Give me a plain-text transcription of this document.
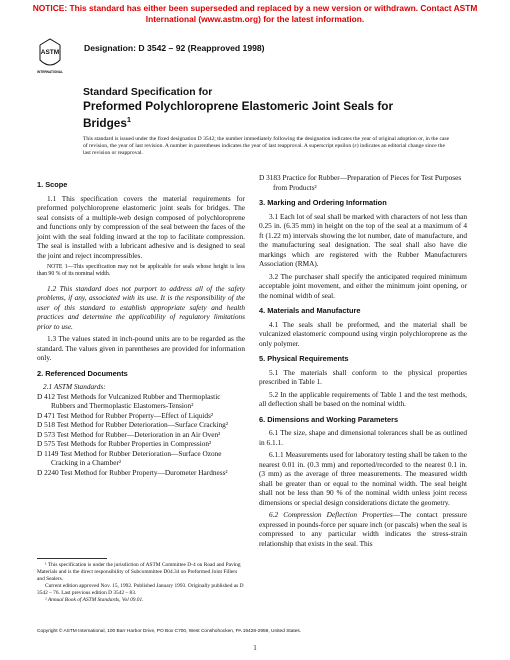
NOTICE: This standard has either been superseded and replaced by a new version or withdrawn. Contact ASTM
International (www.astm.org) for the latest information.
ASTM
INTERNATIONAL
Designation: D 3542 – 92 (Reapproved 1998)
Standard Specification for
Preformed Polychloroprene Elastomeric Joint Seals for
Bridges$^1$
This standard is issued under the fixed designation D 3542; the number immediately following the designation indicates the year of original adoption or, in the case of revision, the year of last revision. A number in parentheses indicates the year of last reapproval. A superscript epsilon (ε) indicates an editorial change since the last revision or reapproval.
1. Scope

1.1 This specification covers the material requirements for preformed polychloroprene elastomeric joint seals for bridges. The seal consists of a multiple-web design composed of polychloroprene and functions only by compression of the seal between the faces of the joint with the seal folding inward at the top to facilitate compression. The seal is installed with a lubricant adhesive and is designed to seal the joint and reject incompressibles.

NOTE 1—This specification may not be applicable for seals whose height is less than 90 % of its nominal width.

1.2 This standard does not purport to address all of the safety problems, if any, associated with its use. It is the responsibility of the user of this standard to establish appropriate safety and health practices and determine the applicability of regulatory limitations prior to use.

1.3 The values stated in inch-pound units are to be regarded as the standard. The values given in parentheses are provided for information only.

2. Referenced Documents

2.1 ASTM Standards:

D 412 Test Methods for Vulcanized Rubber and Thermoplastic Rubbers and Thermoplastic Elastomers-Tension²
D 471 Test Method for Rubber Property—Effect of Liquids²
D 518 Test Method for Rubber Deterioration—Surface Cracking²
D 573 Test Method for Rubber—Deterioration in an Air Oven²
D 575 Test Methods for Rubber Properties in Compression²
D 1149 Test Method for Rubber Deterioration—Surface Ozone Cracking in a Chamber²
D 2240 Test Method for Rubber Property—Durometer Hardness²

¹ This specification is under the jurisdiction of ASTM Committee D-4 on Road and Paving Materials and is the direct responsibility of Subcommittee D04.34 on Preformed Joint Fillers and Sealers.

Current edition approved Nov. 15, 1992. Published January 1993. Originally published as D 3542 – 76. Last previous edition D 3542 – 83.

² Annual Book of ASTM Standards, Vol 09.01.

D 3183 Practice for Rubber—Preparation of Pieces for Test Purposes from Products²
3. Marking and Ordering Information

3.1 Each lot of seal shall be marked with characters of not less than 0.25 in. (6.35 mm) in height on the top of the seal at a maximum of 4 ft (1.22 m) intervals showing the lot number, date of manufacture, and the manufacturing seal designation. The seal shall also have die markings which are registered with the Rubber Manufacturers Association (RMA).

3.2 The purchaser shall specify the anticipated required minimum acceptable joint movement, and either the minimum joint opening, or the nominal width of seal.

4. Materials and Manufacture

4.1 The seals shall be preformed, and the material shall be vulcanized elastomeric compound using virgin polychloroprene as the only polymer.

5. Physical Requirements

5.1 The materials shall conform to the physical properties prescribed in Table 1.

5.2 In the applicable requirements of Table 1 and the test methods, all deflection shall be based on the nominal width.

6. Dimensions and Working Parameters

6.1 The size, shape and dimensional tolerances shall be as outlined in 6.1.1.

6.1.1 Measurements used for laboratory testing shall be taken to the nearest 0.01 in. (0.3 mm) and reported/recorded to the nearest 0.1 in. (3 mm) as the average of three measurements. The measured width shall be greater than or equal to the nominal width. The seal height shall not be less than 90 % of the nominal width unless joint recess dimensions or special design considerations dictate the geometry.

6.2 Compression Deflection Properties—The contact pressure expressed in pounds-force per square inch (or pascals) when the seal is compressed to any particular width indicates the stress-strain relationship that exists in the seal. This

Copyright © ASTM International, 100 Barr Harbor Drive, PO Box C700, West Conshohocken, PA 19428-2959, United States.
1
